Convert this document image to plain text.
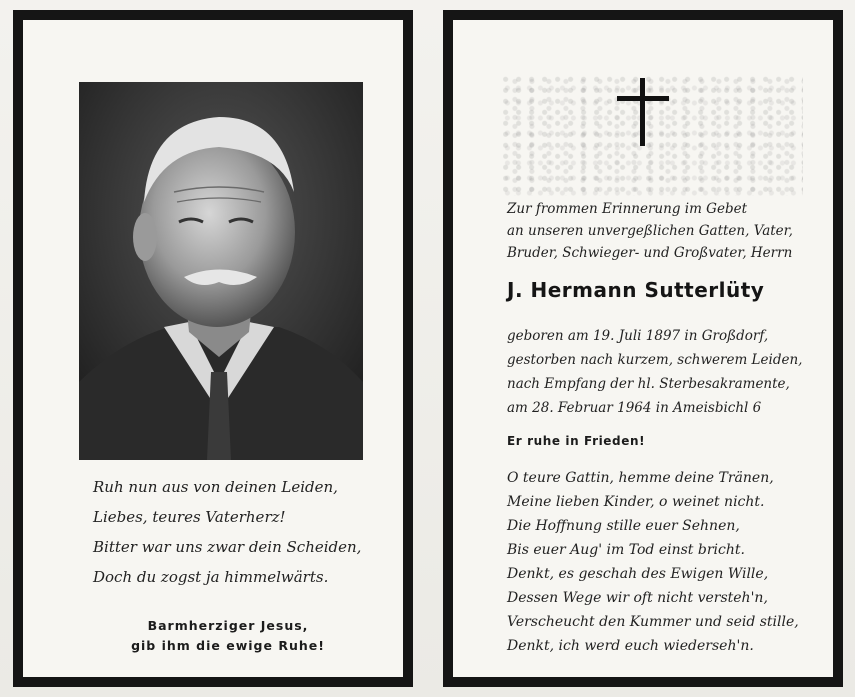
Ruh nun aus von deinen Leiden,
Liebes, teures Vaterherz!
Bitter war uns zwar dein Scheiden,
Doch du zogst ja himmelwärts.
Barmherziger Jesus,
gib ihm die ewige Ruhe!
Zur frommen Erinnerung im Gebet
an unseren unvergeßlichen Gatten, Vater,
Bruder, Schwieger- und Großvater, Herrn
J. Hermann Sutterlüty
geboren am 19. Juli 1897 in Großdorf,
gestorben nach kurzem, schwerem Leiden,
nach Empfang der hl. Sterbesakramente,
am 28. Februar 1964 in Ameisbichl 6
Er ruhe in Frieden!
O teure Gattin, hemme deine Tränen,
Meine lieben Kinder, o weinet nicht.
Die Hoffnung stille euer Sehnen,
Bis euer Aug' im Tod einst bricht.
Denkt, es geschah des Ewigen Wille,
Dessen Wege wir oft nicht versteh'n,
Verscheucht den Kummer und seid stille,
Denkt, ich werd euch wiederseh'n.
